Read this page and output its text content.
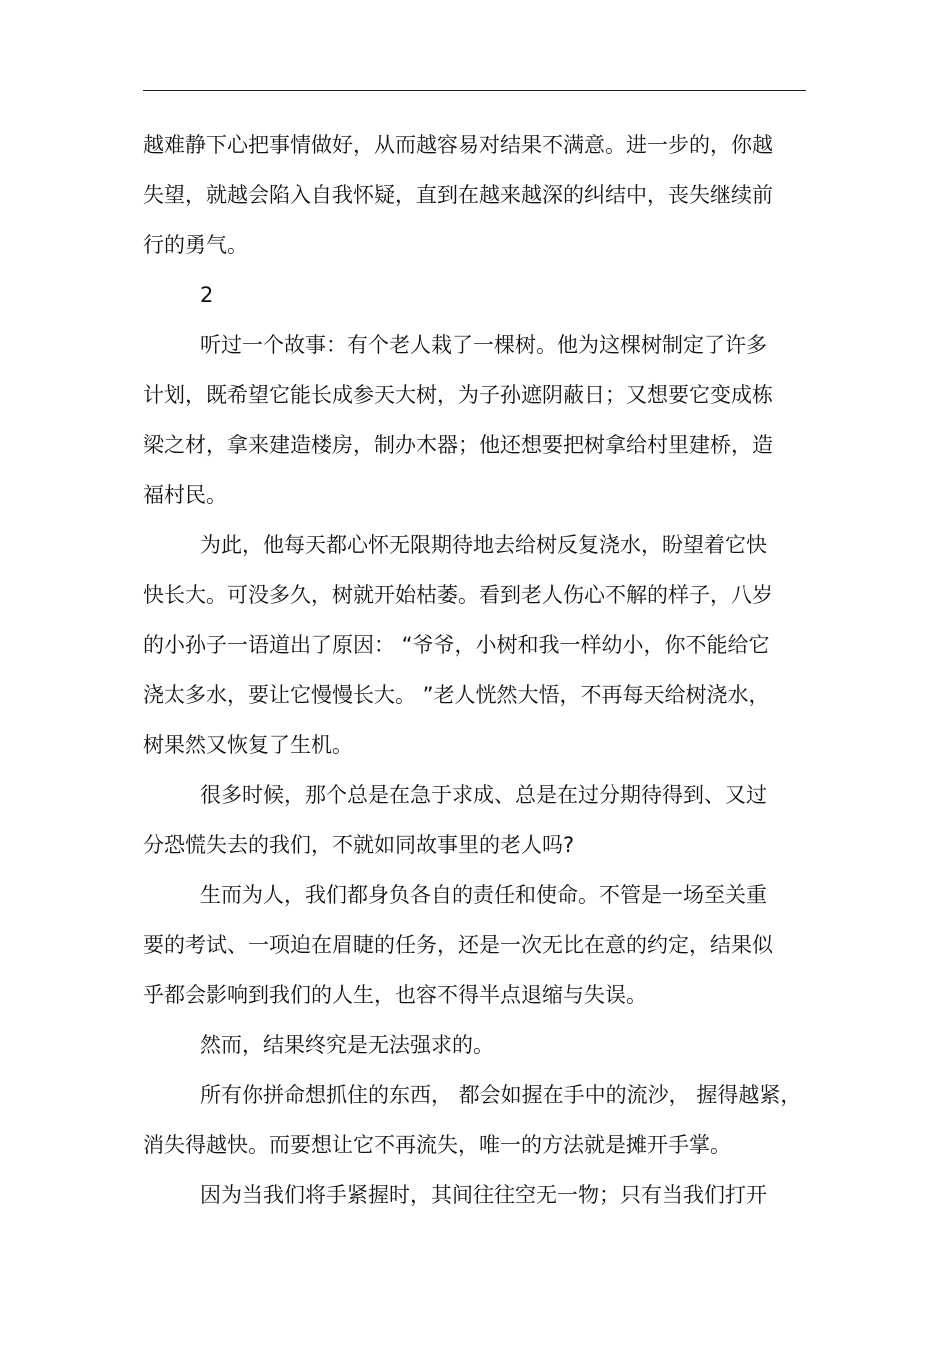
越难静下心把事情做好，从而越容易对结果不满意。进一步的，你越
失望，就越会陷入自我怀疑，直到在越来越深的纠结中，丧失继续前
行的勇气。
2
听过一个故事：有个老人栽了一棵树。他为这棵树制定了许多
计划，既希望它能长成参天大树，为子孙遮阴蔽日；又想要它变成栋
梁之材，拿来建造楼房，制办木器；他还想要把树拿给村里建桥，造
福村民。
为此，他每天都心怀无限期待地去给树反复浇水，盼望着它快
快长大。可没多久，树就开始枯萎。看到老人伤心不解的样子，八岁
的小孙子一语道出了原因： “爷爷，小树和我一样幼小，你不能给它
浇太多水，要让它慢慢长大。 ”老人恍然大悟，不再每天给树浇水，
树果然又恢复了生机。
很多时候，那个总是在急于求成、总是在过分期待得到、又过
分恐慌失去的我们，不就如同故事里的老人吗?
生而为人，我们都身负各自的责任和使命。不管是一场至关重
要的考试、一项迫在眉睫的任务，还是一次无比在意的约定，结果似
乎都会影响到我们的人生，也容不得半点退缩与失误。
然而，结果终究是无法强求的。
所有你拼命想抓住的东西， 都会如握在手中的流沙， 握得越紧，
消失得越快。而要想让它不再流失，唯一的方法就是摊开手掌。
因为当我们将手紧握时，其间往往空无一物；只有当我们打开
